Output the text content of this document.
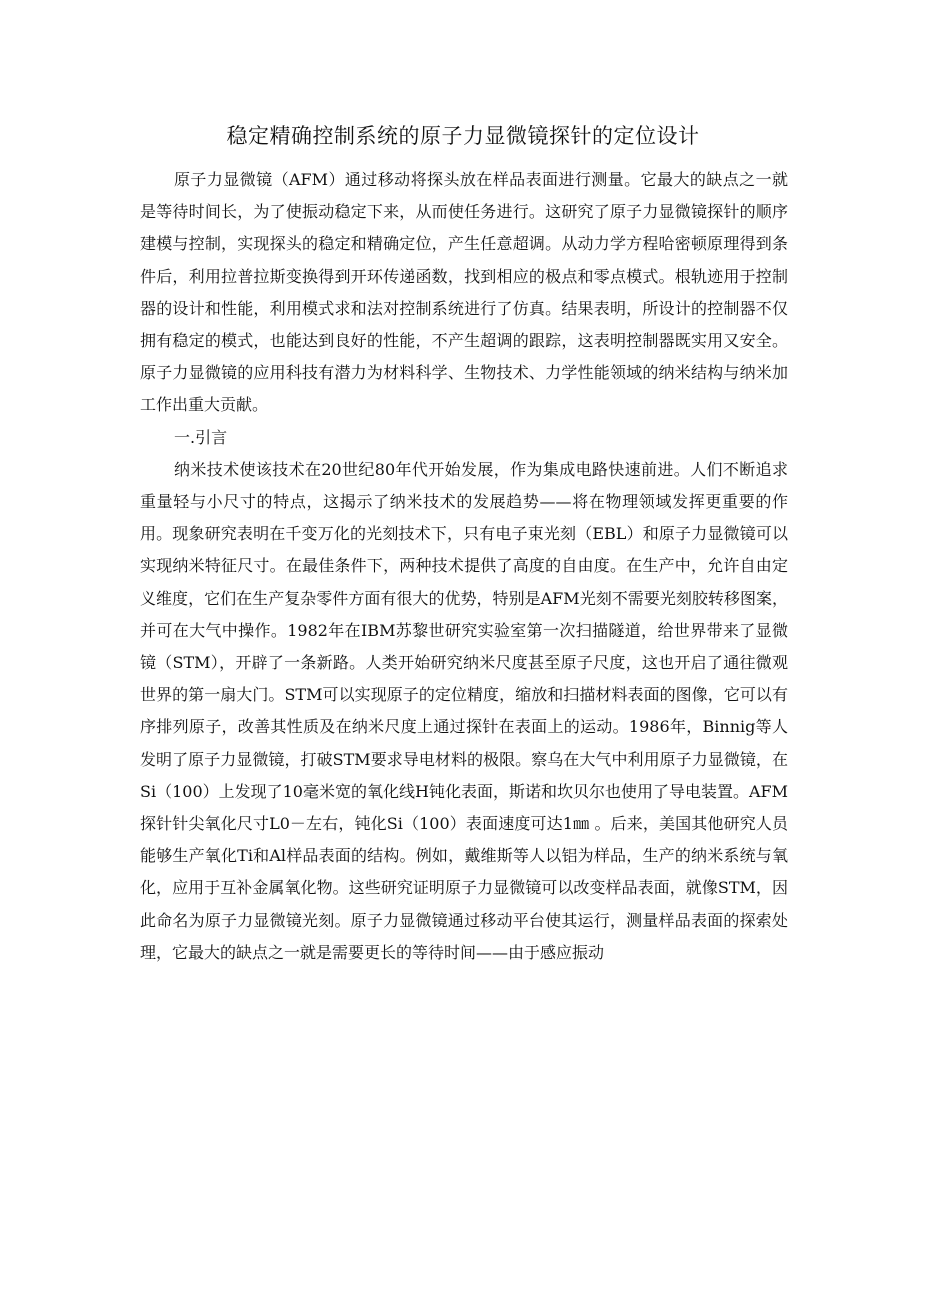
稳定精确控制系统的原子力显微镜探针的定位设计

原子力显微镜（AFM）通过移动将探头放在样品表面进行测量。它最大的缺点之一就是等待时间长，为了使振动稳定下来，从而使任务进行。这研究了原子力显微镜探针的顺序建模与控制，实现探头的稳定和精确定位，产生任意超调。从动力学方程哈密顿原理得到条件后，利用拉普拉斯变换得到开环传递函数，找到相应的极点和零点模式。根轨迹用于控制器的设计和性能，利用模式求和法对控制系统进行了仿真。结果表明，所设计的控制器不仅拥有稳定的模式，也能达到良好的性能，不产生超调的跟踪，这表明控制器既实用又安全。原子力显微镜的应用科技有潜力为材料科学、生物技术、力学性能领域的纳米结构与纳米加工作出重大贡献。

一.引言

纳米技术使该技术在20世纪80年代开始发展，作为集成电路快速前进。人们不断追求重量轻与小尺寸的特点，这揭示了纳米技术的发展趋势——将在物理领域发挥更重要的作用。现象研究表明在千变万化的光刻技术下，只有电子束光刻（EBL）和原子力显微镜可以实现纳米特征尺寸。在最佳条件下，两种技术提供了高度的自由度。在生产中，允许自由定义维度，它们在生产复杂零件方面有很大的优势，特别是AFM光刻不需要光刻胶转移图案，并可在大气中操作。1982年在IBM苏黎世研究实验室第一次扫描隧道，给世界带来了显微镜（STM），开辟了一条新路。人类开始研究纳米尺度甚至原子尺度，这也开启了通往微观世界的第一扇大门。STM可以实现原子的定位精度，缩放和扫描材料表面的图像，它可以有序排列原子，改善其性质及在纳米尺度上通过探针在表面上的运动。1986年，Binnig等人发明了原子力显微镜，打破STM要求导电材料的极限。察乌在大气中利用原子力显微镜，在Si（100）上发现了10毫米宽的氧化线H钝化表面，斯诺和坎贝尔也使用了导电装置。AFM探针针尖氧化尺寸L0－左右，钝化Si（100）表面速度可达1㎜ 。后来，美国其他研究人员能够生产氧化Ti和Al样品表面的结构。例如，戴维斯等人以铝为样品，生产的纳米系统与氧化，应用于互补金属氧化物。这些研究证明原子力显微镜可以改变样品表面，就像STM，因此命名为原子力显微镜光刻。原子力显微镜通过移动平台使其运行，测量样品表面的探索处理，它最大的缺点之一就是需要更长的等待时间——由于感应振动
